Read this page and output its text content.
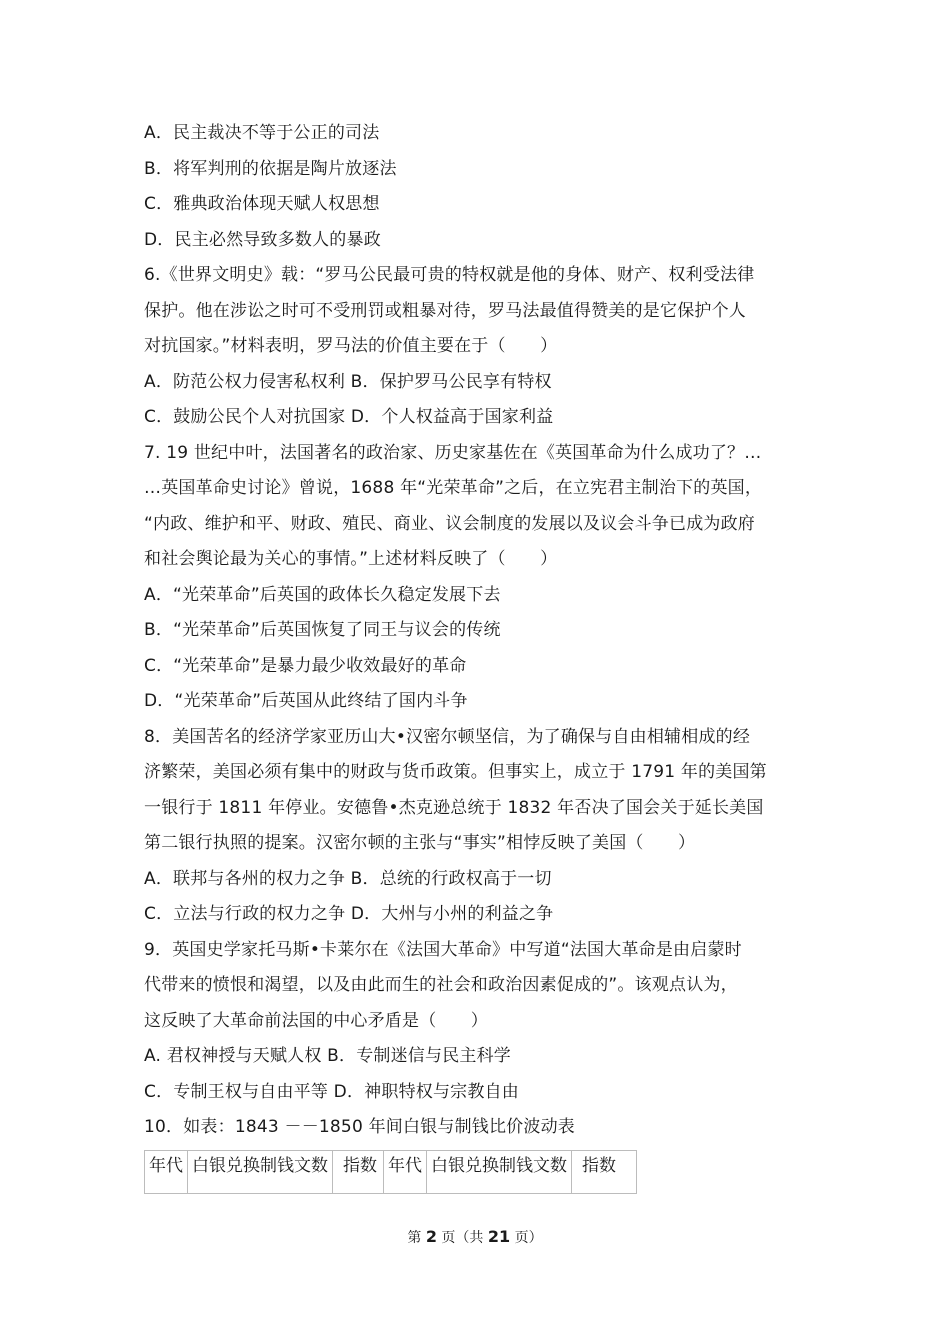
A．民主裁决不等于公正的司法
B．将军判刑的依据是陶片放逐法
C．雅典政治体现天赋人权思想
D．民主必然导致多数人的暴政
6.《世界文明史》载：“罗马公民最可贵的特权就是他的身体、财产、权利受法律
保护。他在涉讼之时可不受刑罚或粗暴对待，罗马法最值得赞美的是它保护个人
对抗国家。”材料表明，罗马法的价值主要在于（　　）
A．防范公权力侵害私权利 B．保护罗马公民享有特权
C．鼓励公民个人对抗国家 D．个人权益高于国家利益
7. 19 世纪中叶，法国著名的政治家、历史家基佐在《英国革命为什么成功了？…
…英国革命史讨论》曾说，1688 年“光荣革命”之后，在立宪君主制治下的英国，
“内政、维护和平、财政、殖民、商业、议会制度的发展以及议会斗争已成为政府
和社会舆论最为关心的事情。”上述材料反映了（　　）
A．“光荣革命”后英国的政体长久稳定发展下去
B．“光荣革命”后英国恢复了同王与议会的传统
C．“光荣革命”是暴力最少收效最好的革命
D．“光荣革命”后英国从此终结了国内斗争
8．美国苦名的经济学家亚历山大•汉密尔顿坚信，为了确保与自由相辅相成的经
济繁荣，美国必须有集中的财政与货币政策。但事实上，成立于 1791 年的美国第
一银行于 1811 年停业。安德鲁•杰克逊总统于 1832 年否决了国会关于延长美国
第二银行执照的提案。汉密尔顿的主张与“事实”相悖反映了美国（　　）
A．联邦与各州的权力之争 B．总统的行政权高于一切
C．立法与行政的权力之争 D．大州与小州的利益之争
9．英国史学家托马斯•卡莱尔在《法国大革命》中写道“法国大革命是由启蒙时
代带来的愤恨和渴望，以及由此而生的社会和政治因素促成的”。该观点认为，
这反映了大革命前法国的中心矛盾是（　　）
A. 君权神授与天赋人权 B．专制迷信与民主科学
C．专制王权与自由平等 D．神职特权与宗教自由
10．如表：1843 －－1850 年间白银与制钱比价波动表
年代	白银兑换制钱文数	指数	年代	白银兑换制钱文数	指数
第 2 页（共 21 页）
